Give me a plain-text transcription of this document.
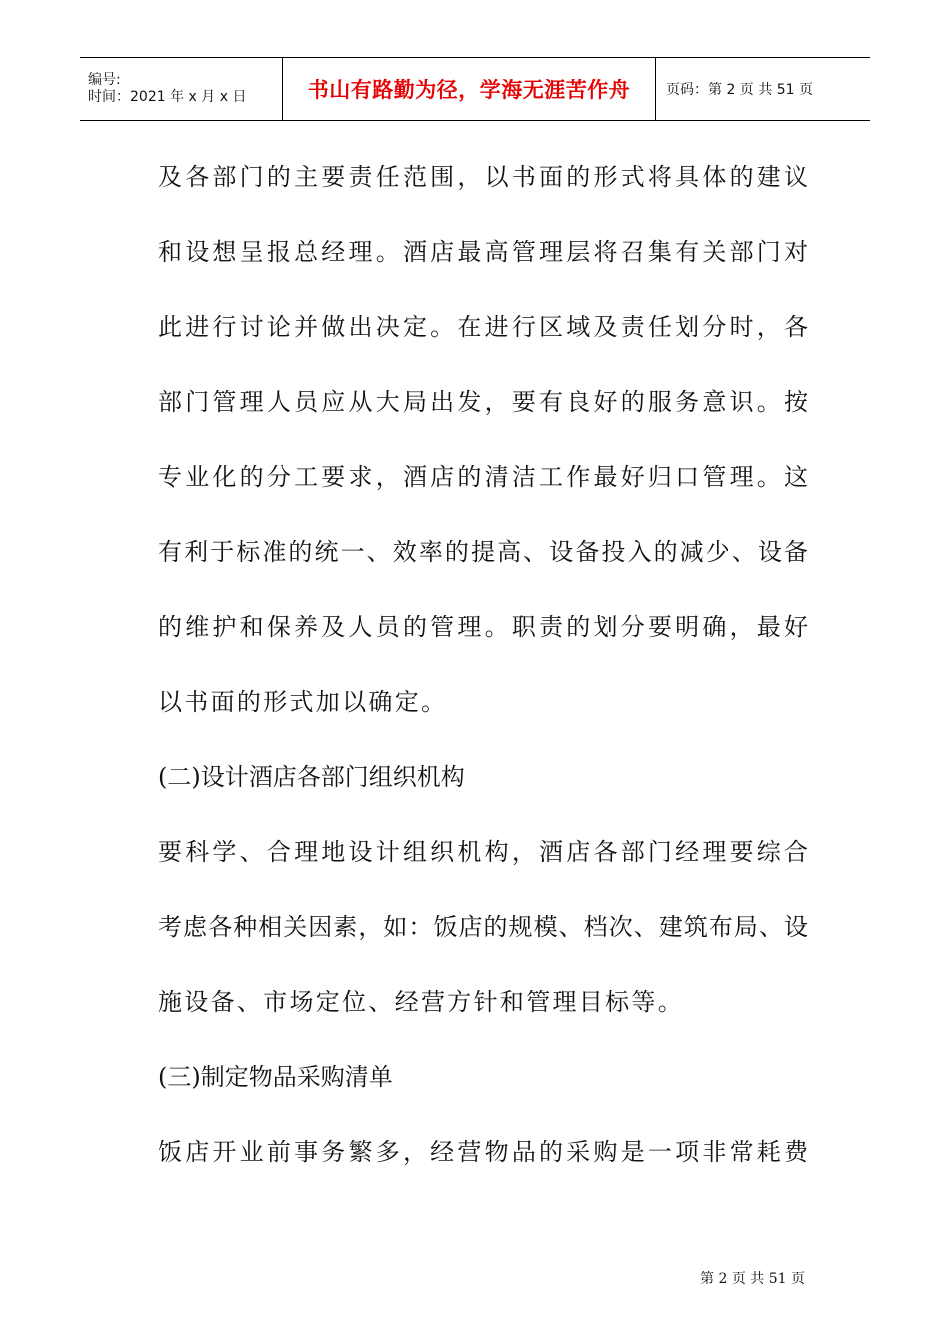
编号:
时间：2021 年 x 月 x 日	书山有路勤为径，学海无涯苦作舟	页码：第 2 页 共 51 页
及各部门的主要责任范围，以书面的形式将具体的建议
和设想呈报总经理。酒店最高管理层将召集有关部门对
此进行讨论并做出决定。在进行区域及责任划分时，各
部门管理人员应从大局出发，要有良好的服务意识。按
专业化的分工要求，酒店的清洁工作最好归口管理。这
有利于标准的统一、效率的提高、设备投入的减少、设备
的维护和保养及人员的管理。职责的划分要明确，最好
以书面的形式加以确定。
(二)设计酒店各部门组织机构
要科学、合理地设计组织机构，酒店各部门经理要综合
考虑各种相关因素，如：饭店的规模、档次、建筑布局、设
施设备、市场定位、经营方针和管理目标等。
(三)制定物品采购清单
饭店开业前事务繁多，经营物品的采购是一项非常耗费
第 2 页 共 51 页
